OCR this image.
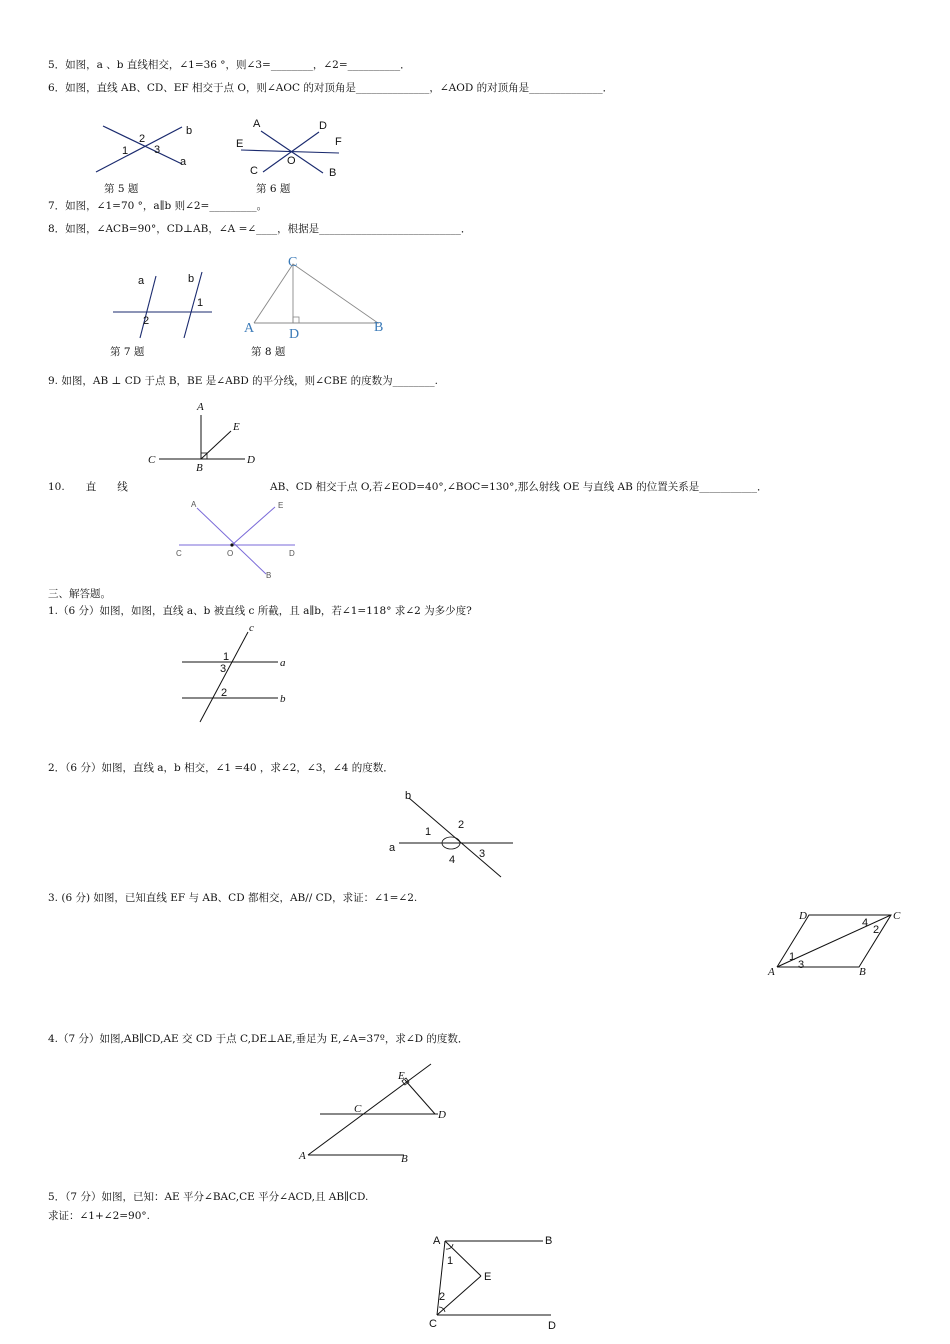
5．如图，a 、b 直线相交，∠1=36 °，则∠3=________，∠2=__________．
6．如图，直线 AB、CD、EF 相交于点 O，则∠AOC 的对顶角是______________，∠AOD 的对顶角是______________．
2
1 3
b
a
第 5 题
A	D
E	F
O
C	B
第 6 题
7．如图，∠1=70 °，a∥b 则∠2=_________。
8．如图，∠ACB=90°，CD⊥AB，∠A =∠____，根据是___________________________．
a	b
1
2
第 7 题
C
A D	B
第 8 题
9. 如图，AB ⊥ CD 于点 B，BE 是∠ABD 的平分线，则∠CBE 的度数为________.
A
E
C	D
B
10.　　直　　线	AB、CD 相交于点 O,若∠EOD=40°,∠BOC=130°,那么射线 OE 与直线 AB 的位置关系是___________．
A	E
C	O	D
B
三、解答题。
1.（6 分）如图，如图，直线 a、b 被直线 c 所截，且 a∥b，若∠1=118° 求∠2 为多少度?
c
1
3	a
2	b
2．（6 分）如图，直线 a，b 相交，∠1 =40 ，求∠2，∠3，∠4 的度数．
b
2
1
a	3
4
3. (6 分) 如图，已知直线 EF 与 AB、CD 都相交，AB// CD，求证：∠1=∠2.
D	C
4
2
1
3
A	B
4.（7 分）如图,AB∥CD,AE 交 CD 于点 C,DE⊥AE,垂足为 E,∠A=37º，求∠D 的度数．
E
C	D
A	B
5．（7 分）如图，已知：AE 平分∠BAC,CE 平分∠ACD,且 AB∥CD.
求证：∠1+∠2=90°.
A	B
1
E
2
C	D
